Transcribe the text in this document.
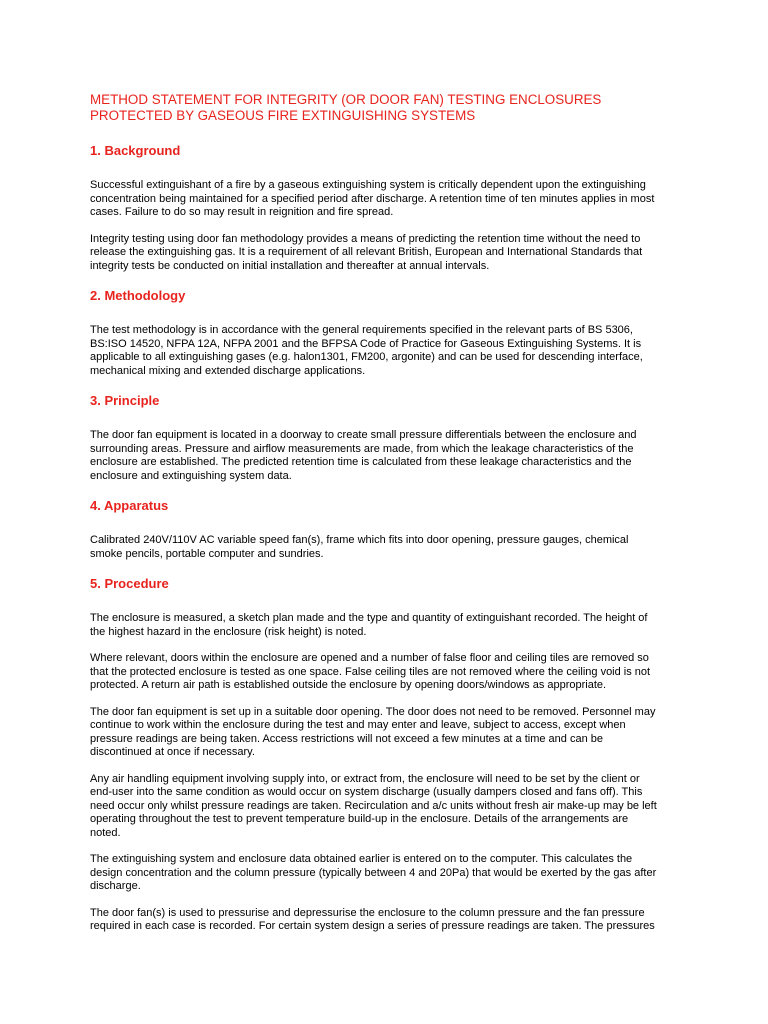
METHOD STATEMENT FOR INTEGRITY (OR DOOR FAN) TESTING ENCLOSURES
PROTECTED BY GASEOUS FIRE EXTINGUISHING SYSTEMS
1. Background
Successful extinguishant of a fire by a gaseous extinguishing system is critically dependent upon the extinguishing
concentration being maintained for a specified period after discharge. A retention time of ten minutes applies in most
cases. Failure to do so may result in reignition and fire spread.
Integrity testing using door fan methodology provides a means of predicting the retention time without the need to
release the extinguishing gas. It is a requirement of all relevant British, European and International Standards that
integrity tests be conducted on initial installation and thereafter at annual intervals.
2. Methodology
The test methodology is in accordance with the general requirements specified in the relevant parts of BS 5306,
BS:ISO 14520, NFPA 12A, NFPA 2001 and the BFPSA Code of Practice for Gaseous Extinguishing Systems. It is
applicable to all extinguishing gases (e.g. halon1301, FM200, argonite) and can be used for descending interface,
mechanical mixing and extended discharge applications.
3. Principle
The door fan equipment is located in a doorway to create small pressure differentials between the enclosure and
surrounding areas. Pressure and airflow measurements are made, from which the leakage characteristics of the
enclosure are established. The predicted retention time is calculated from these leakage characteristics and the
enclosure and extinguishing system data.
4. Apparatus
Calibrated 240V/110V AC variable speed fan(s), frame which fits into door opening, pressure gauges, chemical
smoke pencils, portable computer and sundries.
5. Procedure
The enclosure is measured, a sketch plan made and the type and quantity of extinguishant recorded. The height of
the highest hazard in the enclosure (risk height) is noted.
Where relevant, doors within the enclosure are opened and a number of false floor and ceiling tiles are removed so
that the protected enclosure is tested as one space. False ceiling tiles are not removed where the ceiling void is not
protected. A return air path is established outside the enclosure by opening doors/windows as appropriate.
The door fan equipment is set up in a suitable door opening. The door does not need to be removed. Personnel may
continue to work within the enclosure during the test and may enter and leave, subject to access, except when
pressure readings are being taken. Access restrictions will not exceed a few minutes at a time and can be
discontinued at once if necessary.
Any air handling equipment involving supply into, or extract from, the enclosure will need to be set by the client or
end-user into the same condition as would occur on system discharge (usually dampers closed and fans off). This
need occur only whilst pressure readings are taken. Recirculation and a/c units without fresh air make-up may be left
operating throughout the test to prevent temperature build-up in the enclosure. Details of the arrangements are
noted.
The extinguishing system and enclosure data obtained earlier is entered on to the computer. This calculates the
design concentration and the column pressure (typically between 4 and 20Pa) that would be exerted by the gas after
discharge.
The door fan(s) is used to pressurise and depressurise the enclosure to the column pressure and the fan pressure
required in each case is recorded. For certain system design a series of pressure readings are taken. The pressures
